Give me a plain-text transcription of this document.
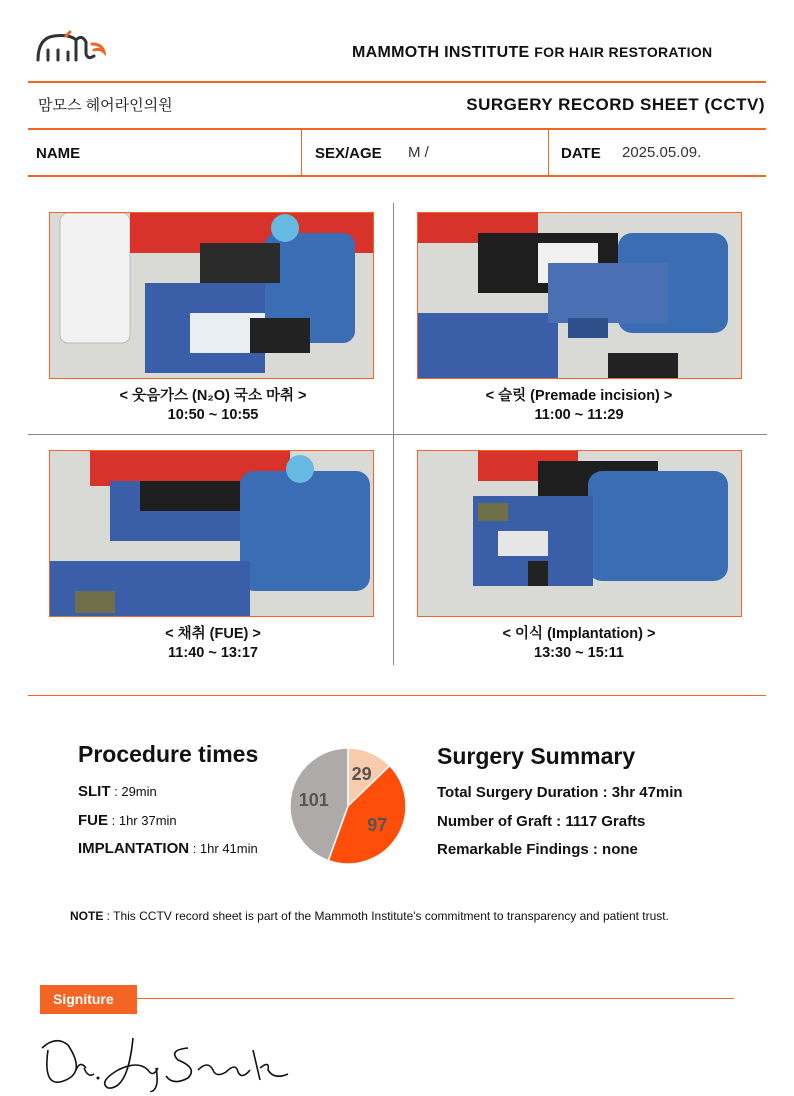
MAMMOTH INSTITUTE FOR HAIR RESTORATION
맘모스 헤어라인의원	SURGERY RECORD SHEET (CCTV)
NAME	SEX/AGE M /	DATE 2025.05.09.
< 웃음가스 (N₂O) 국소 마취 >
10:50 ~ 10:55
< 슬릿 (Premade incision) >
11:00 ~ 11:29
< 채취 (FUE) >
11:40 ~ 13:17
< 이식 (Implantation) >
13:30 ~ 15:11
Procedure times
SLIT : 29min
FUE : 1hr 37min
IMPLANTATION : 1hr 41min
29
97
101
Surgery Summary
Total Surgery Duration : 3hr 47min
Number of Graft : 1117 Grafts
Remarkable Findings : none
NOTE : This CCTV record sheet is part of the Mammoth Institute's commitment to transparency and patient trust.
Signiture
